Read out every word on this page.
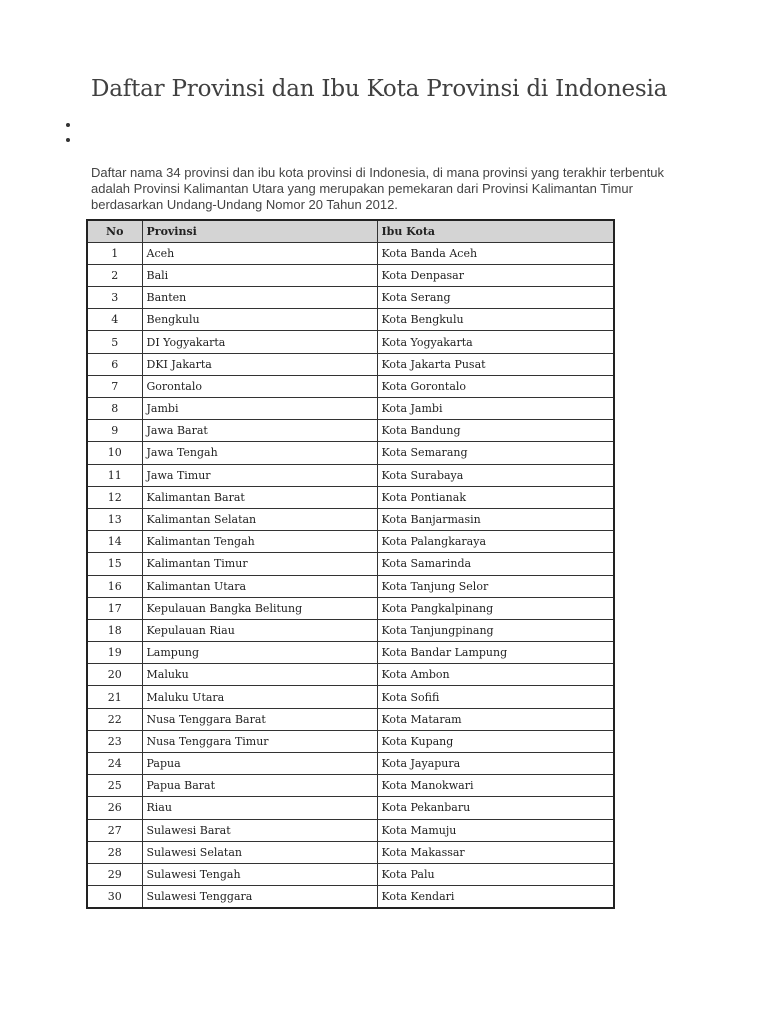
Daftar Provinsi dan Ibu Kota Provinsi di Indonesia

Daftar nama 34 provinsi dan ibu kota provinsi di Indonesia, di mana provinsi yang terakhir terbentuk adalah Provinsi Kalimantan Utara yang merupakan pemekaran dari Provinsi Kalimantan Timur berdasarkan Undang-Undang Nomor 20 Tahun 2012.

No	Provinsi	Ibu Kota
1	Aceh	Kota Banda Aceh
2	Bali	Kota Denpasar
3	Banten	Kota Serang
4	Bengkulu	Kota Bengkulu
5	DI Yogyakarta	Kota Yogyakarta
6	DKI Jakarta	Kota Jakarta Pusat
7	Gorontalo	Kota Gorontalo
8	Jambi	Kota Jambi
9	Jawa Barat	Kota Bandung
10	Jawa Tengah	Kota Semarang
11	Jawa Timur	Kota Surabaya
12	Kalimantan Barat	Kota Pontianak
13	Kalimantan Selatan	Kota Banjarmasin
14	Kalimantan Tengah	Kota Palangkaraya
15	Kalimantan Timur	Kota Samarinda
16	Kalimantan Utara	Kota Tanjung Selor
17	Kepulauan Bangka Belitung	Kota Pangkalpinang
18	Kepulauan Riau	Kota Tanjungpinang
19	Lampung	Kota Bandar Lampung
20	Maluku	Kota Ambon
21	Maluku Utara	Kota Sofifi
22	Nusa Tenggara Barat	Kota Mataram
23	Nusa Tenggara Timur	Kota Kupang
24	Papua	Kota Jayapura
25	Papua Barat	Kota Manokwari
26	Riau	Kota Pekanbaru
27	Sulawesi Barat	Kota Mamuju
28	Sulawesi Selatan	Kota Makassar
29	Sulawesi Tengah	Kota Palu
30	Sulawesi Tenggara	Kota Kendari
